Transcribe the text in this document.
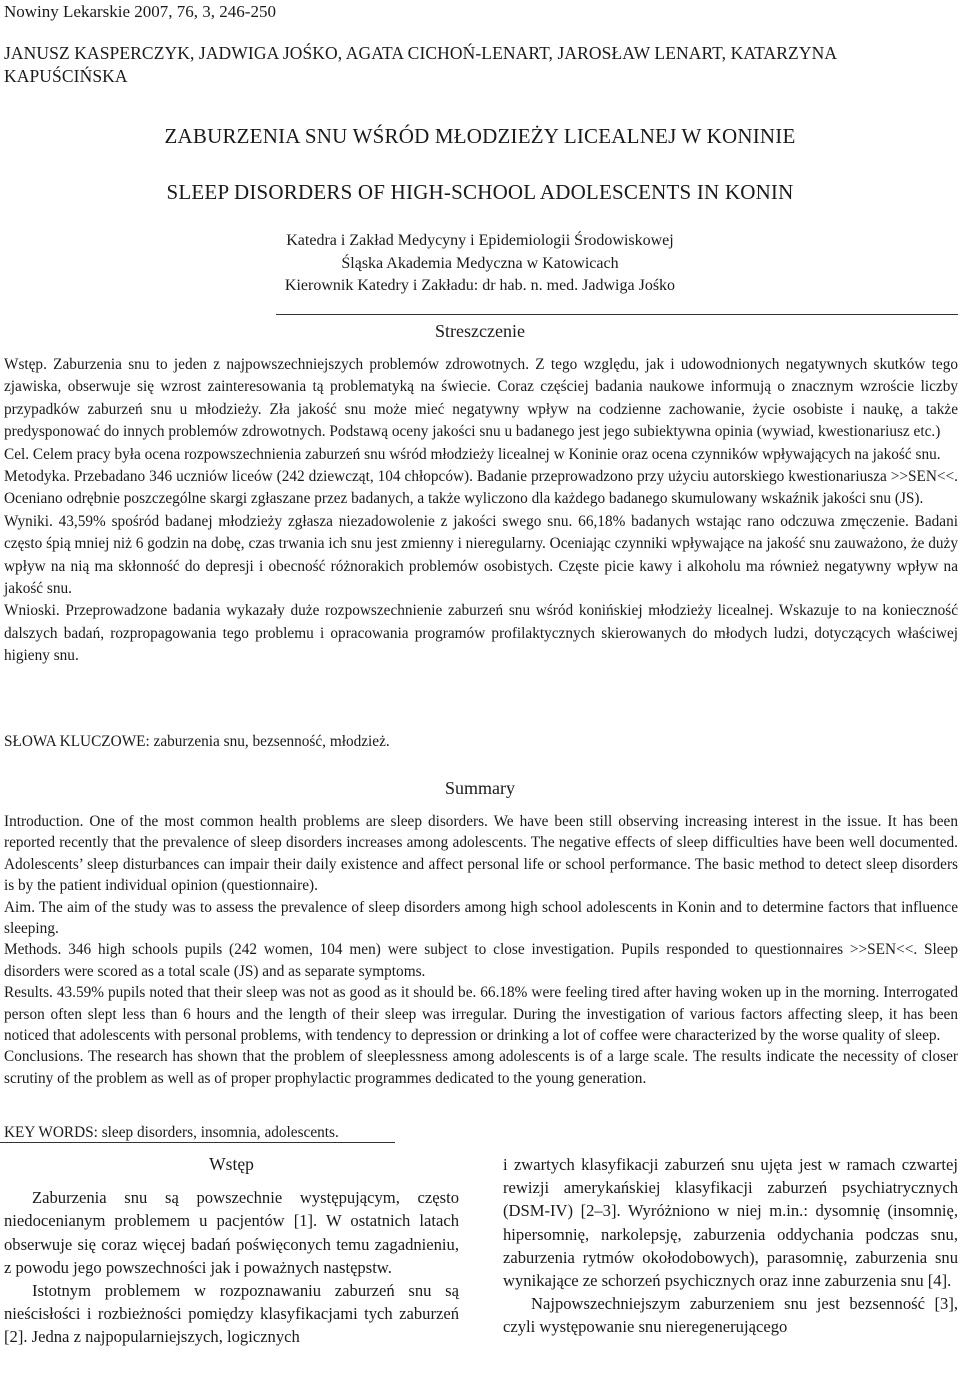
Nowiny Lekarskie 2007, 76, 3, 246-250
JANUSZ KASPERCZYK, JADWIGA JOŚKO, AGATA CICHOŃ-LENART, JAROSŁAW LENART, KATARZYNA KAPUŚCIŃSKA
ZABURZENIA SNU WŚRÓD MŁODZIEŻY LICEALNEJ W KONINIE
SLEEP DISORDERS OF HIGH-SCHOOL ADOLESCENTS IN KONIN
Katedra i Zakład Medycyny i Epidemiologii Środowiskowej
Śląska Akademia Medyczna w Katowicach
Kierownik Katedry i Zakładu: dr hab. n. med. Jadwiga Jośko
Streszczenie

Wstęp. Zaburzenia snu to jeden z najpowszechniejszych problemów zdrowotnych. Z tego względu, jak i udowodnionych negatywnych skutków tego zjawiska, obserwuje się wzrost zainteresowania tą problematyką na świecie. Coraz częściej badania naukowe informują o znacznym wzroście liczby przypadków zaburzeń snu u młodzieży. Zła jakość snu może mieć negatywny wpływ na codzienne zachowanie, życie osobiste i naukę, a także predysponować do innych problemów zdrowotnych. Podstawą oceny jakości snu u badanego jest jego subiektywna opinia (wywiad, kwestionariusz etc.)

Cel. Celem pracy była ocena rozpowszechnienia zaburzeń snu wśród młodzieży licealnej w Koninie oraz ocena czynników wpływających na jakość snu.

Metodyka. Przebadano 346 uczniów liceów (242 dziewcząt, 104 chłopców). Badanie przeprowadzono przy użyciu autorskiego kwestionariusza >>SEN<<. Oceniano odrębnie poszczególne skargi zgłaszane przez badanych, a także wyliczono dla każdego badanego skumulowany wskaźnik jakości snu (JS).

Wyniki. 43,59% spośród badanej młodzieży zgłasza niezadowolenie z jakości swego snu. 66,18% badanych wstając rano odczuwa zmęczenie. Badani często śpią mniej niż 6 godzin na dobę, czas trwania ich snu jest zmienny i nieregularny. Oceniając czynniki wpływające na jakość snu zauważono, że duży wpływ na nią ma skłonność do depresji i obecność różnorakich problemów osobistych. Częste picie kawy i alkoholu ma również negatywny wpływ na jakość snu.

Wnioski. Przeprowadzone badania wykazały duże rozpowszechnienie zaburzeń snu wśród konińskiej młodzieży licealnej. Wskazuje to na konieczność dalszych badań, rozpropagowania tego problemu i opracowania programów profilaktycznych skierowanych do młodych ludzi, dotyczących właściwej higieny snu.

SŁOWA KLUCZOWE: zaburzenia snu, bezsenność, młodzież.
Summary

Introduction. One of the most common health problems are sleep disorders. We have been still observing increasing interest in the issue. It has been reported recently that the prevalence of sleep disorders increases among adolescents. The negative effects of sleep difficulties have been well documented. Adolescents’ sleep disturbances can impair their daily existence and affect personal life or school performance. The basic method to detect sleep disorders is by the patient individual opinion (questionnaire).

Aim. The aim of the study was to assess the prevalence of sleep disorders among high school adolescents in Konin and to determine factors that influence sleeping.

Methods. 346 high schools pupils (242 women, 104 men) were subject to close investigation. Pupils responded to questionnaires >>SEN<<. Sleep disorders were scored as a total scale (JS) and as separate symptoms.

Results. 43.59% pupils noted that their sleep was not as good as it should be. 66.18% were feeling tired after having woken up in the morning. Interrogated person often slept less than 6 hours and the length of their sleep was irregular. During the investigation of various factors affecting sleep, it has been noticed that adolescents with personal problems, with tendency to depression or drinking a lot of coffee were characterized by the worse quality of sleep.

Conclusions. The research has shown that the problem of sleeplessness among adolescents is of a large scale. The results indicate the necessity of closer scrutiny of the problem as well as of proper prophylactic programmes dedicated to the young generation.

KEY WORDS: sleep disorders, insomnia, adolescents.
Wstęp

Zaburzenia snu są powszechnie występującym, często niedocenianym problemem u pacjentów [1]. W ostatnich latach obserwuje się coraz więcej badań poświęconych temu zagadnieniu, z powodu jego powszechności jak i poważnych następstw.

Istotnym problemem w rozpoznawaniu zaburzeń snu są nieścisłości i rozbieżności pomiędzy klasyfikacjami tych zaburzeń [2]. Jedna z najpopularniejszych, logicznych

i zwartych klasyfikacji zaburzeń snu ujęta jest w ramach czwartej rewizji amerykańskiej klasyfikacji zaburzeń psychiatrycznych (DSM-IV) [2–3]. Wyróżniono w niej m.in.: dysomnię (insomnię, hipersomnię, narkolepsję, zaburzenia oddychania podczas snu, zaburzenia rytmów okołodobowych), parasomnię, zaburzenia snu wynikające ze schorzeń psychicznych oraz inne zaburzenia snu [4].

Najpowszechniejszym zaburzeniem snu jest bezsenność [3], czyli występowanie snu nieregenerującego
